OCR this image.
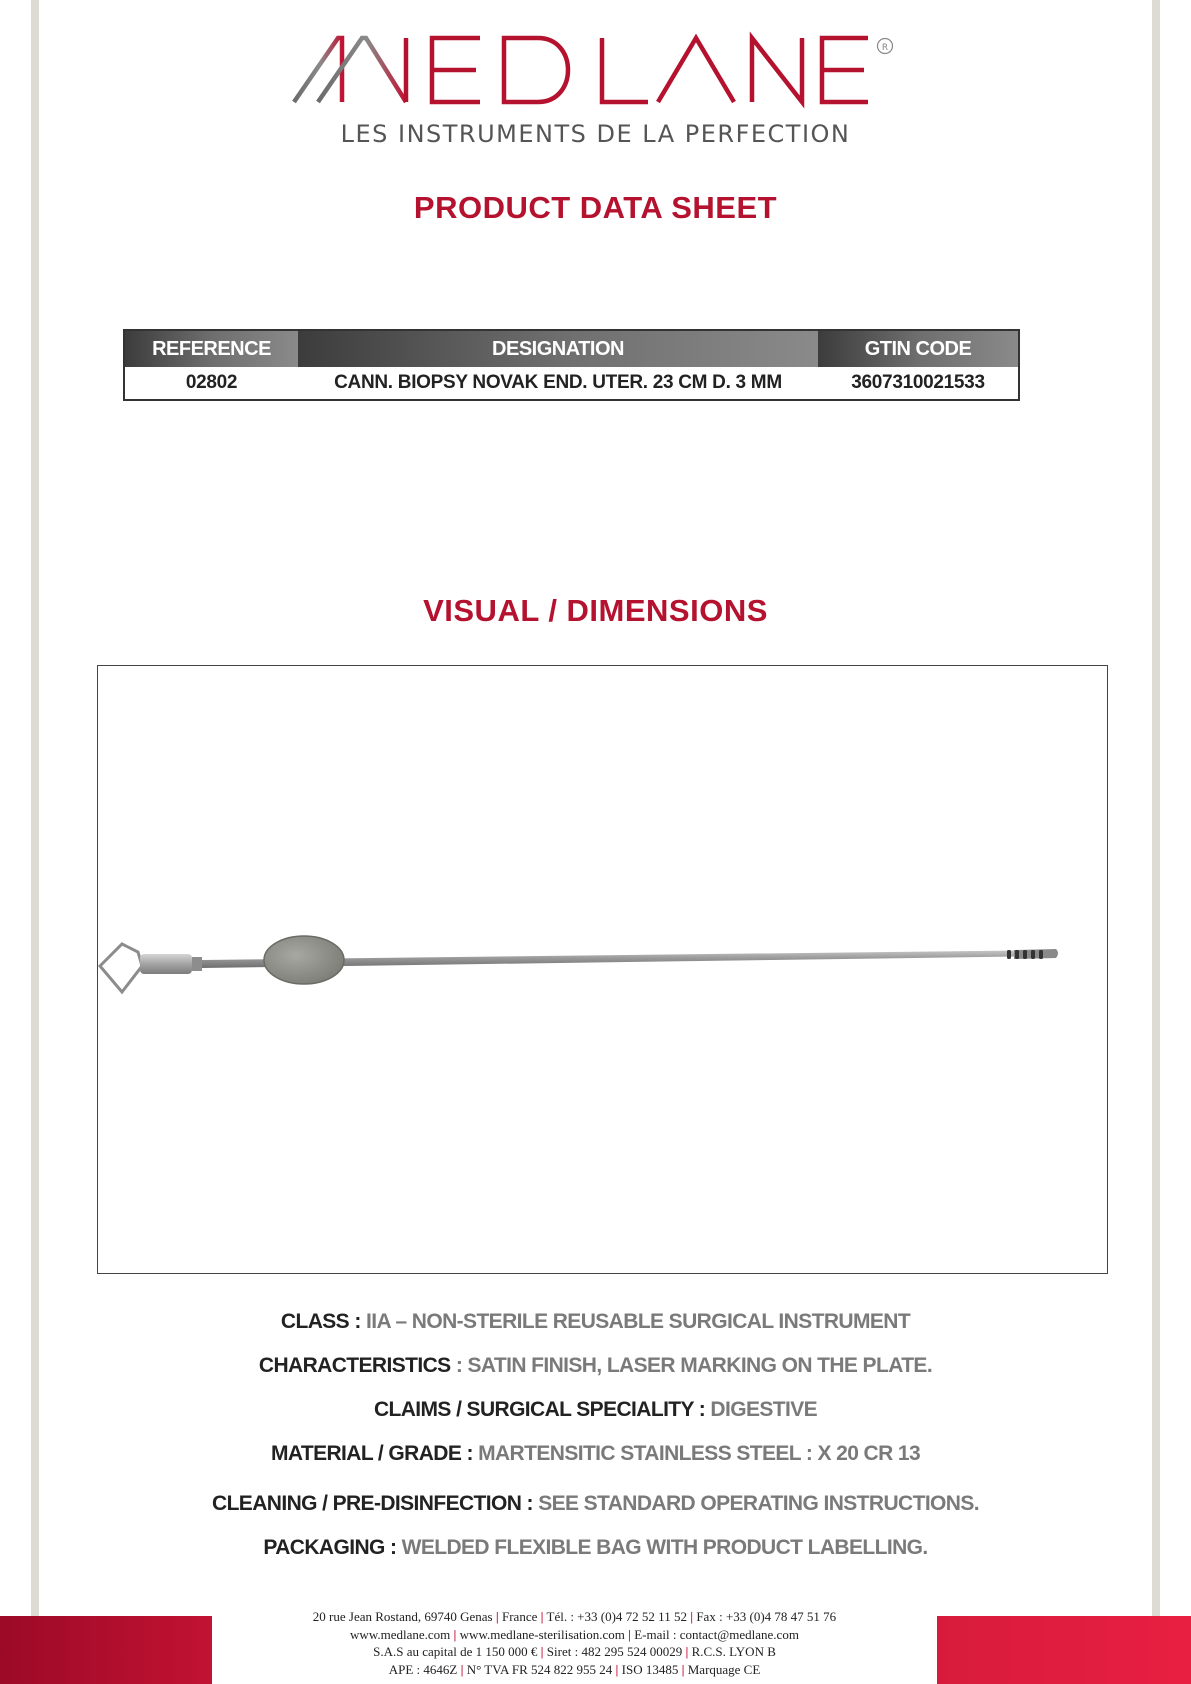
R
LES INSTRUMENTS DE LA PERFECTION
PRODUCT DATA SHEET
REFERENCE	DESIGNATION	GTIN CODE
02802	CANN. BIOPSY NOVAK END. UTER. 23 CM D. 3 MM	3607310021533
VISUAL / DIMENSIONS
CLASS : IIA – NON-STERILE REUSABLE SURGICAL INSTRUMENT
CHARACTERISTICS : SATIN FINISH, LASER MARKING ON THE PLATE.
CLAIMS / SURGICAL SPECIALITY : DIGESTIVE
MATERIAL / GRADE : MARTENSITIC STAINLESS STEEL : X 20 CR 13
CLEANING / PRE-DISINFECTION : SEE STANDARD OPERATING INSTRUCTIONS.
PACKAGING : WELDED FLEXIBLE BAG WITH PRODUCT LABELLING.
20 rue Jean Rostand, 69740 Genas | France | Tél. : +33 (0)4 72 52 11 52 | Fax : +33 (0)4 78 47 51 76
www.medlane.com | www.medlane-sterilisation.com | E-mail : contact@medlane.com
S.A.S au capital de 1 150 000 € | Siret : 482 295 524 00029 | R.C.S. LYON B
APE : 4646Z | N° TVA FR 524 822 955 24 | ISO 13485 | Marquage CE
